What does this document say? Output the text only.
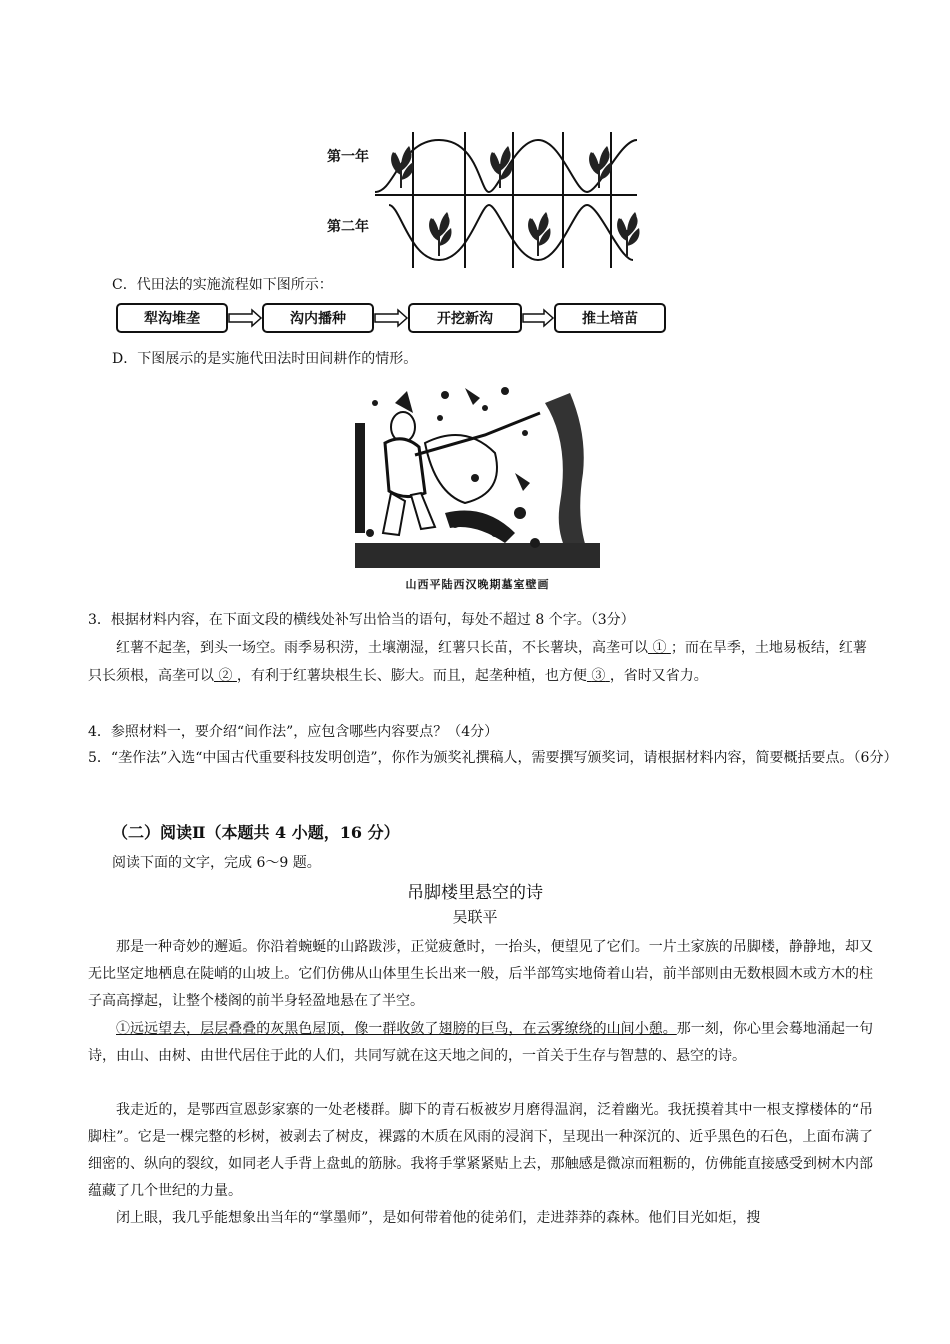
第一年
第二年
C．代田法的实施流程如下图所示：
犁沟堆垄	沟内播种	开挖新沟	推土培苗
D．下图展示的是实施代田法时田间耕作的情形。
山西平陆西汉晚期墓室壁画
3．根据材料内容，在下面文段的横线处补写出恰当的语句，每处不超过 8 个字。（3分）
红薯不起垄，到头一场空。雨季易积涝，土壤潮湿，红薯只长苗，不长薯块，高垄可以 ① ；而在旱季，土地易板结，红薯只长须根，高垄可以 ② ，有利于红薯块根生长、膨大。而且，起垄种植，也方便 ③ ，省时又省力。
4．参照材料一，要介绍“间作法”，应包含哪些内容要点？（4分）
5．“垄作法”入选“中国古代重要科技发明创造”，你作为颁奖礼撰稿人，需要撰写颁奖词，请根据材料内容，简要概括要点。（6分）
（二）阅读Ⅱ（本题共 4 小题，16 分）
阅读下面的文字，完成 6～9 题。
吊脚楼里悬空的诗
吴联平
那是一种奇妙的邂逅。你沿着蜿蜒的山路跋涉，正觉疲惫时，一抬头，便望见了它们。一片土家族的吊脚楼，静静地，却又无比坚定地栖息在陡峭的山坡上。它们仿佛从山体里生长出来一般，后半部笃实地倚着山岩，前半部则由无数根圆木或方木的柱子高高撑起，让整个楼阁的前半身轻盈地悬在了半空。
①远远望去，层层叠叠的灰黑色屋顶，像一群收敛了翅膀的巨鸟，在云雾缭绕的山间小憩。那一刻，你心里会蓦地涌起一句诗，由山、由树、由世代居住于此的人们，共同写就在这天地之间的，一首关于生存与智慧的、悬空的诗。
我走近的，是鄂西宣恩彭家寨的一处老楼群。脚下的青石板被岁月磨得温润，泛着幽光。我抚摸着其中一根支撑楼体的“吊脚柱”。它是一棵完整的杉树，被剥去了树皮，裸露的木质在风雨的浸润下，呈现出一种深沉的、近乎黑色的石色，上面布满了细密的、纵向的裂纹，如同老人手背上盘虬的筋脉。我将手掌紧紧贴上去，那触感是微凉而粗粝的，仿佛能直接感受到树木内部蕴藏了几个世纪的力量。
闭上眼，我几乎能想象出当年的“掌墨师”，是如何带着他的徒弟们，走进莽莽的森林。他们目光如炬，搜
